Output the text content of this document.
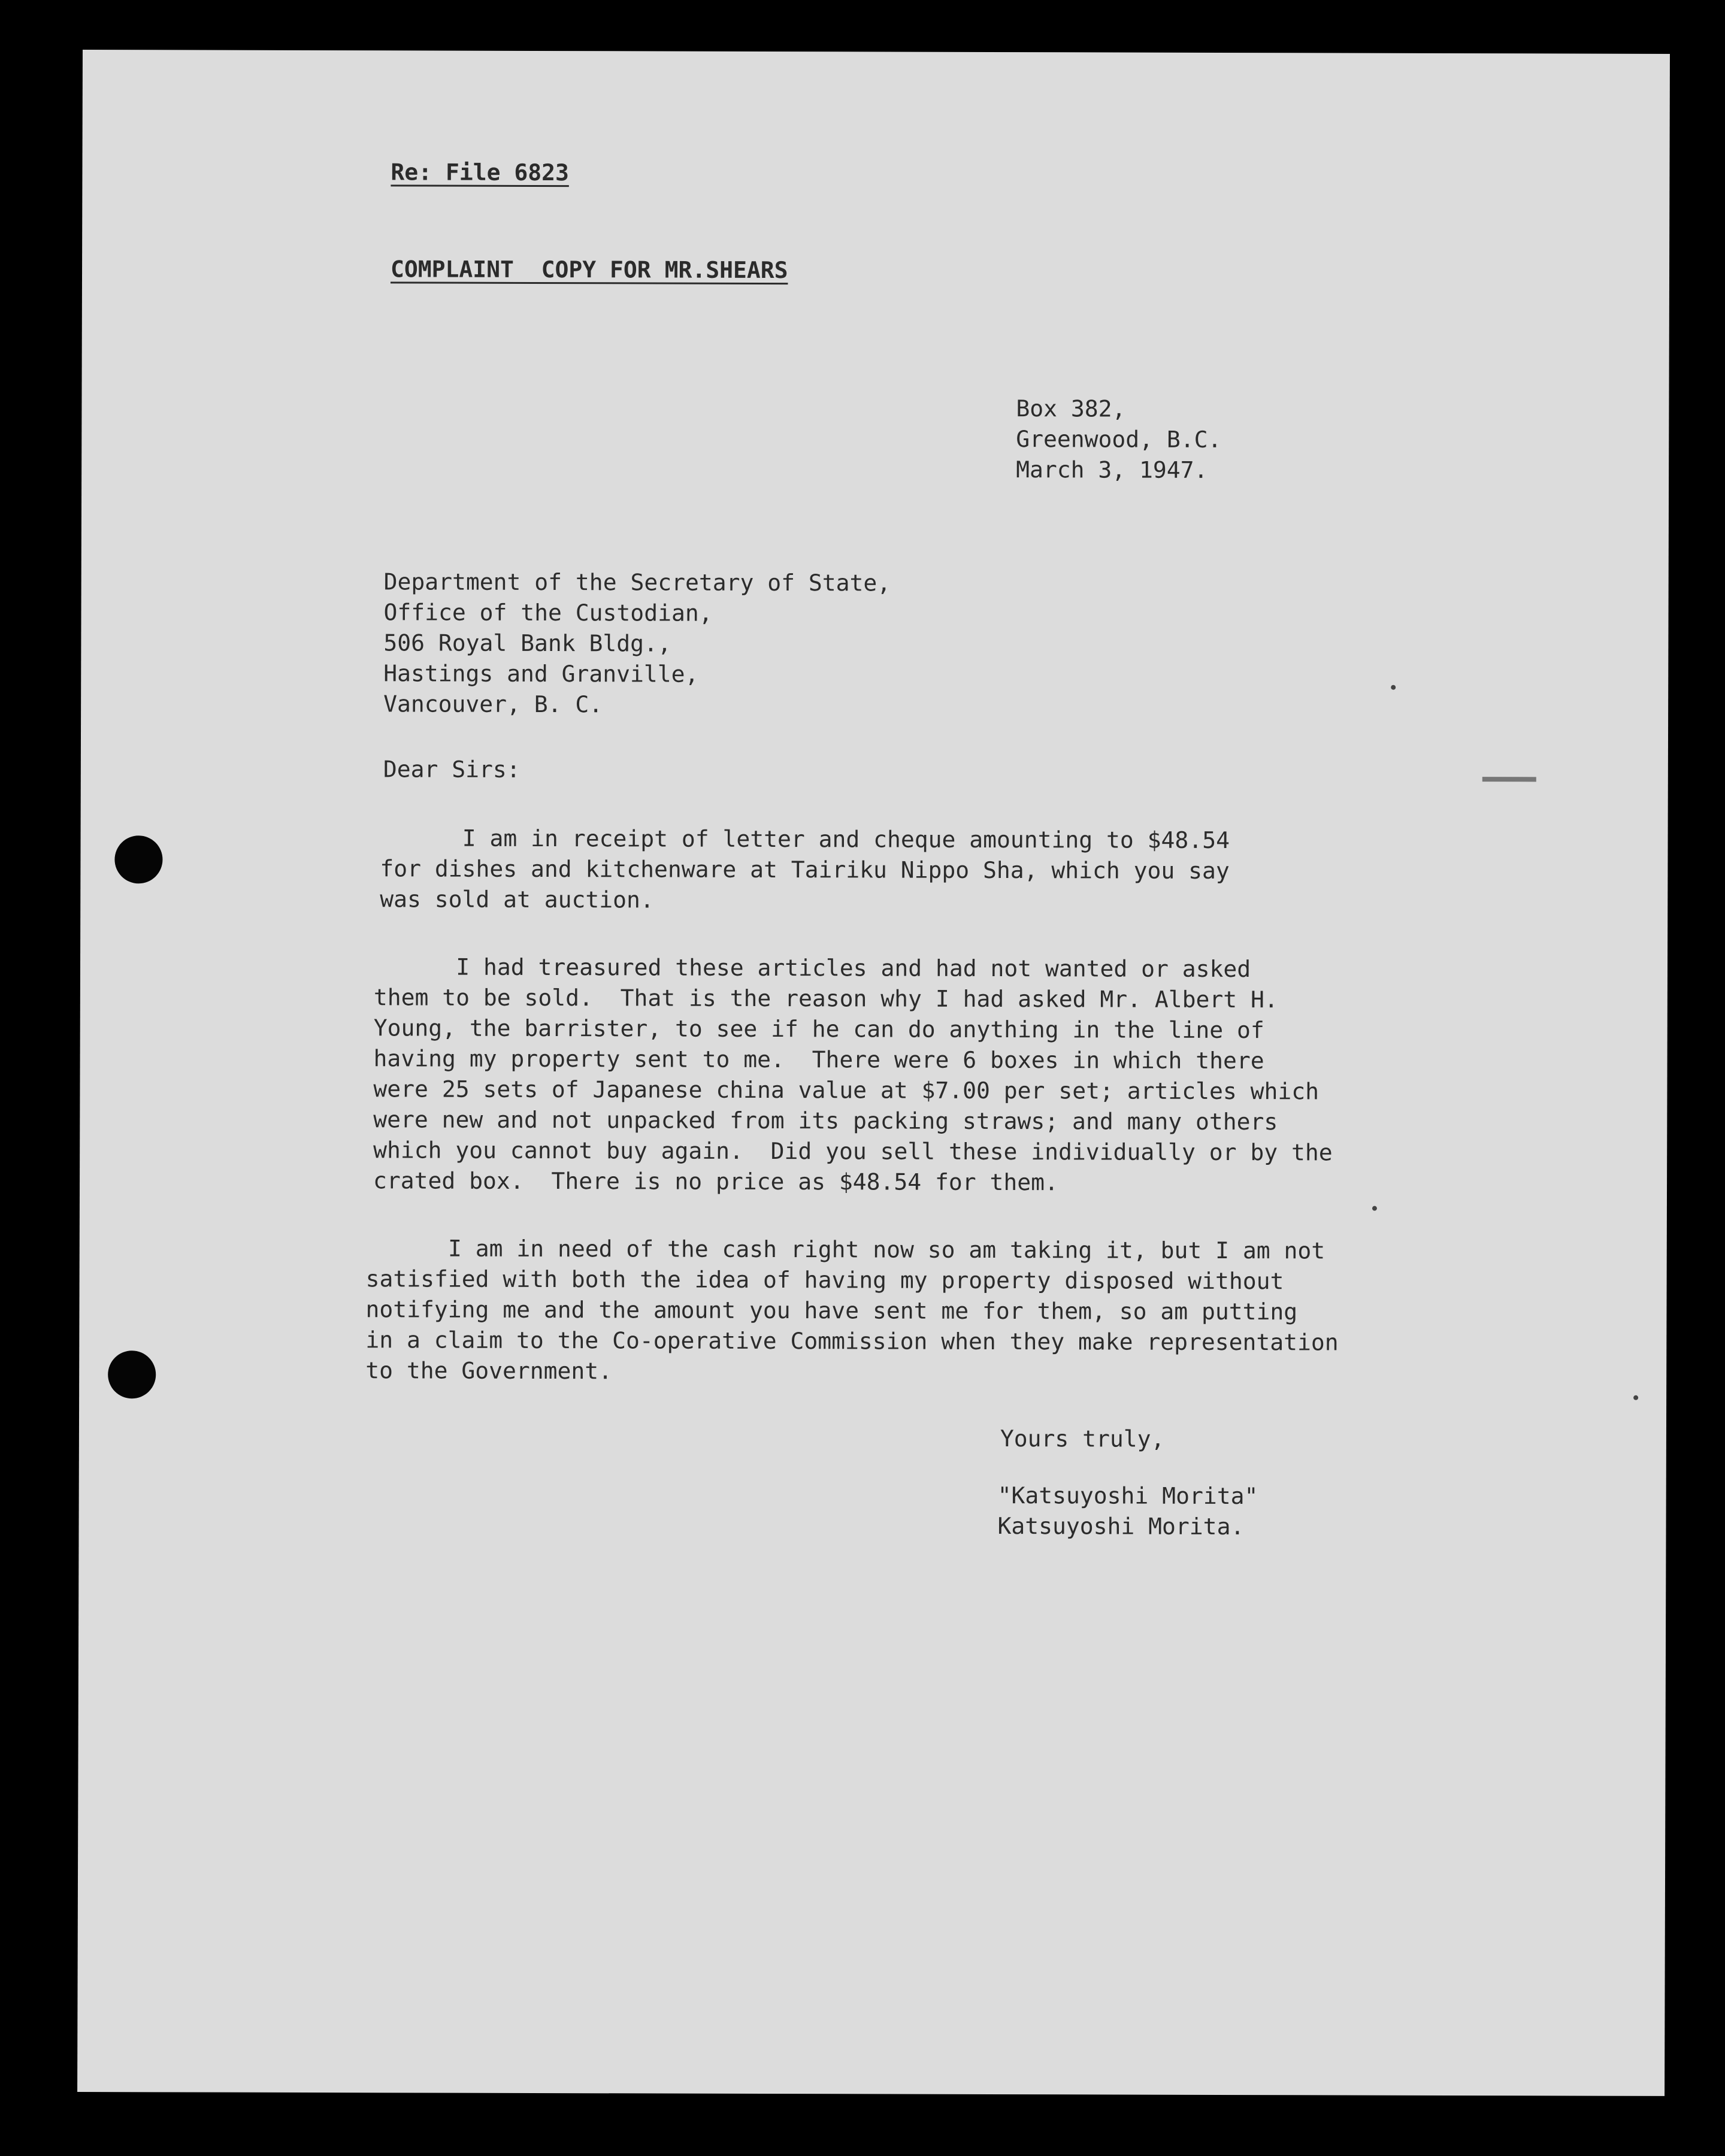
Re: File 6823
COMPLAINT  COPY FOR MR.SHEARS
Box 382,
Greenwood, B.C.
March 3, 1947.
Department of the Secretary of State,
Office of the Custodian,
506 Royal Bank Bldg.,
Hastings and Granville,
Vancouver, B. C.
Dear Sirs:
I am in receipt of letter and cheque amounting to $48.54
for dishes and kitchenware at Tairiku Nippo Sha, which you say
was sold at auction.
I had treasured these articles and had not wanted or asked
them to be sold.  That is the reason why I had asked Mr. Albert H.
Young, the barrister, to see if he can do anything in the line of
having my property sent to me.  There were 6 boxes in which there
were 25 sets of Japanese china value at $7.00 per set; articles which
were new and not unpacked from its packing straws; and many others
which you cannot buy again.  Did you sell these individually or by the
crated box.  There is no price as $48.54 for them.
I am in need of the cash right now so am taking it, but I am not
satisfied with both the idea of having my property disposed without
notifying me and the amount you have sent me for them, so am putting
in a claim to the Co-operative Commission when they make representation
to the Government.
Yours truly,
"Katsuyoshi Morita"
Katsuyoshi Morita.
